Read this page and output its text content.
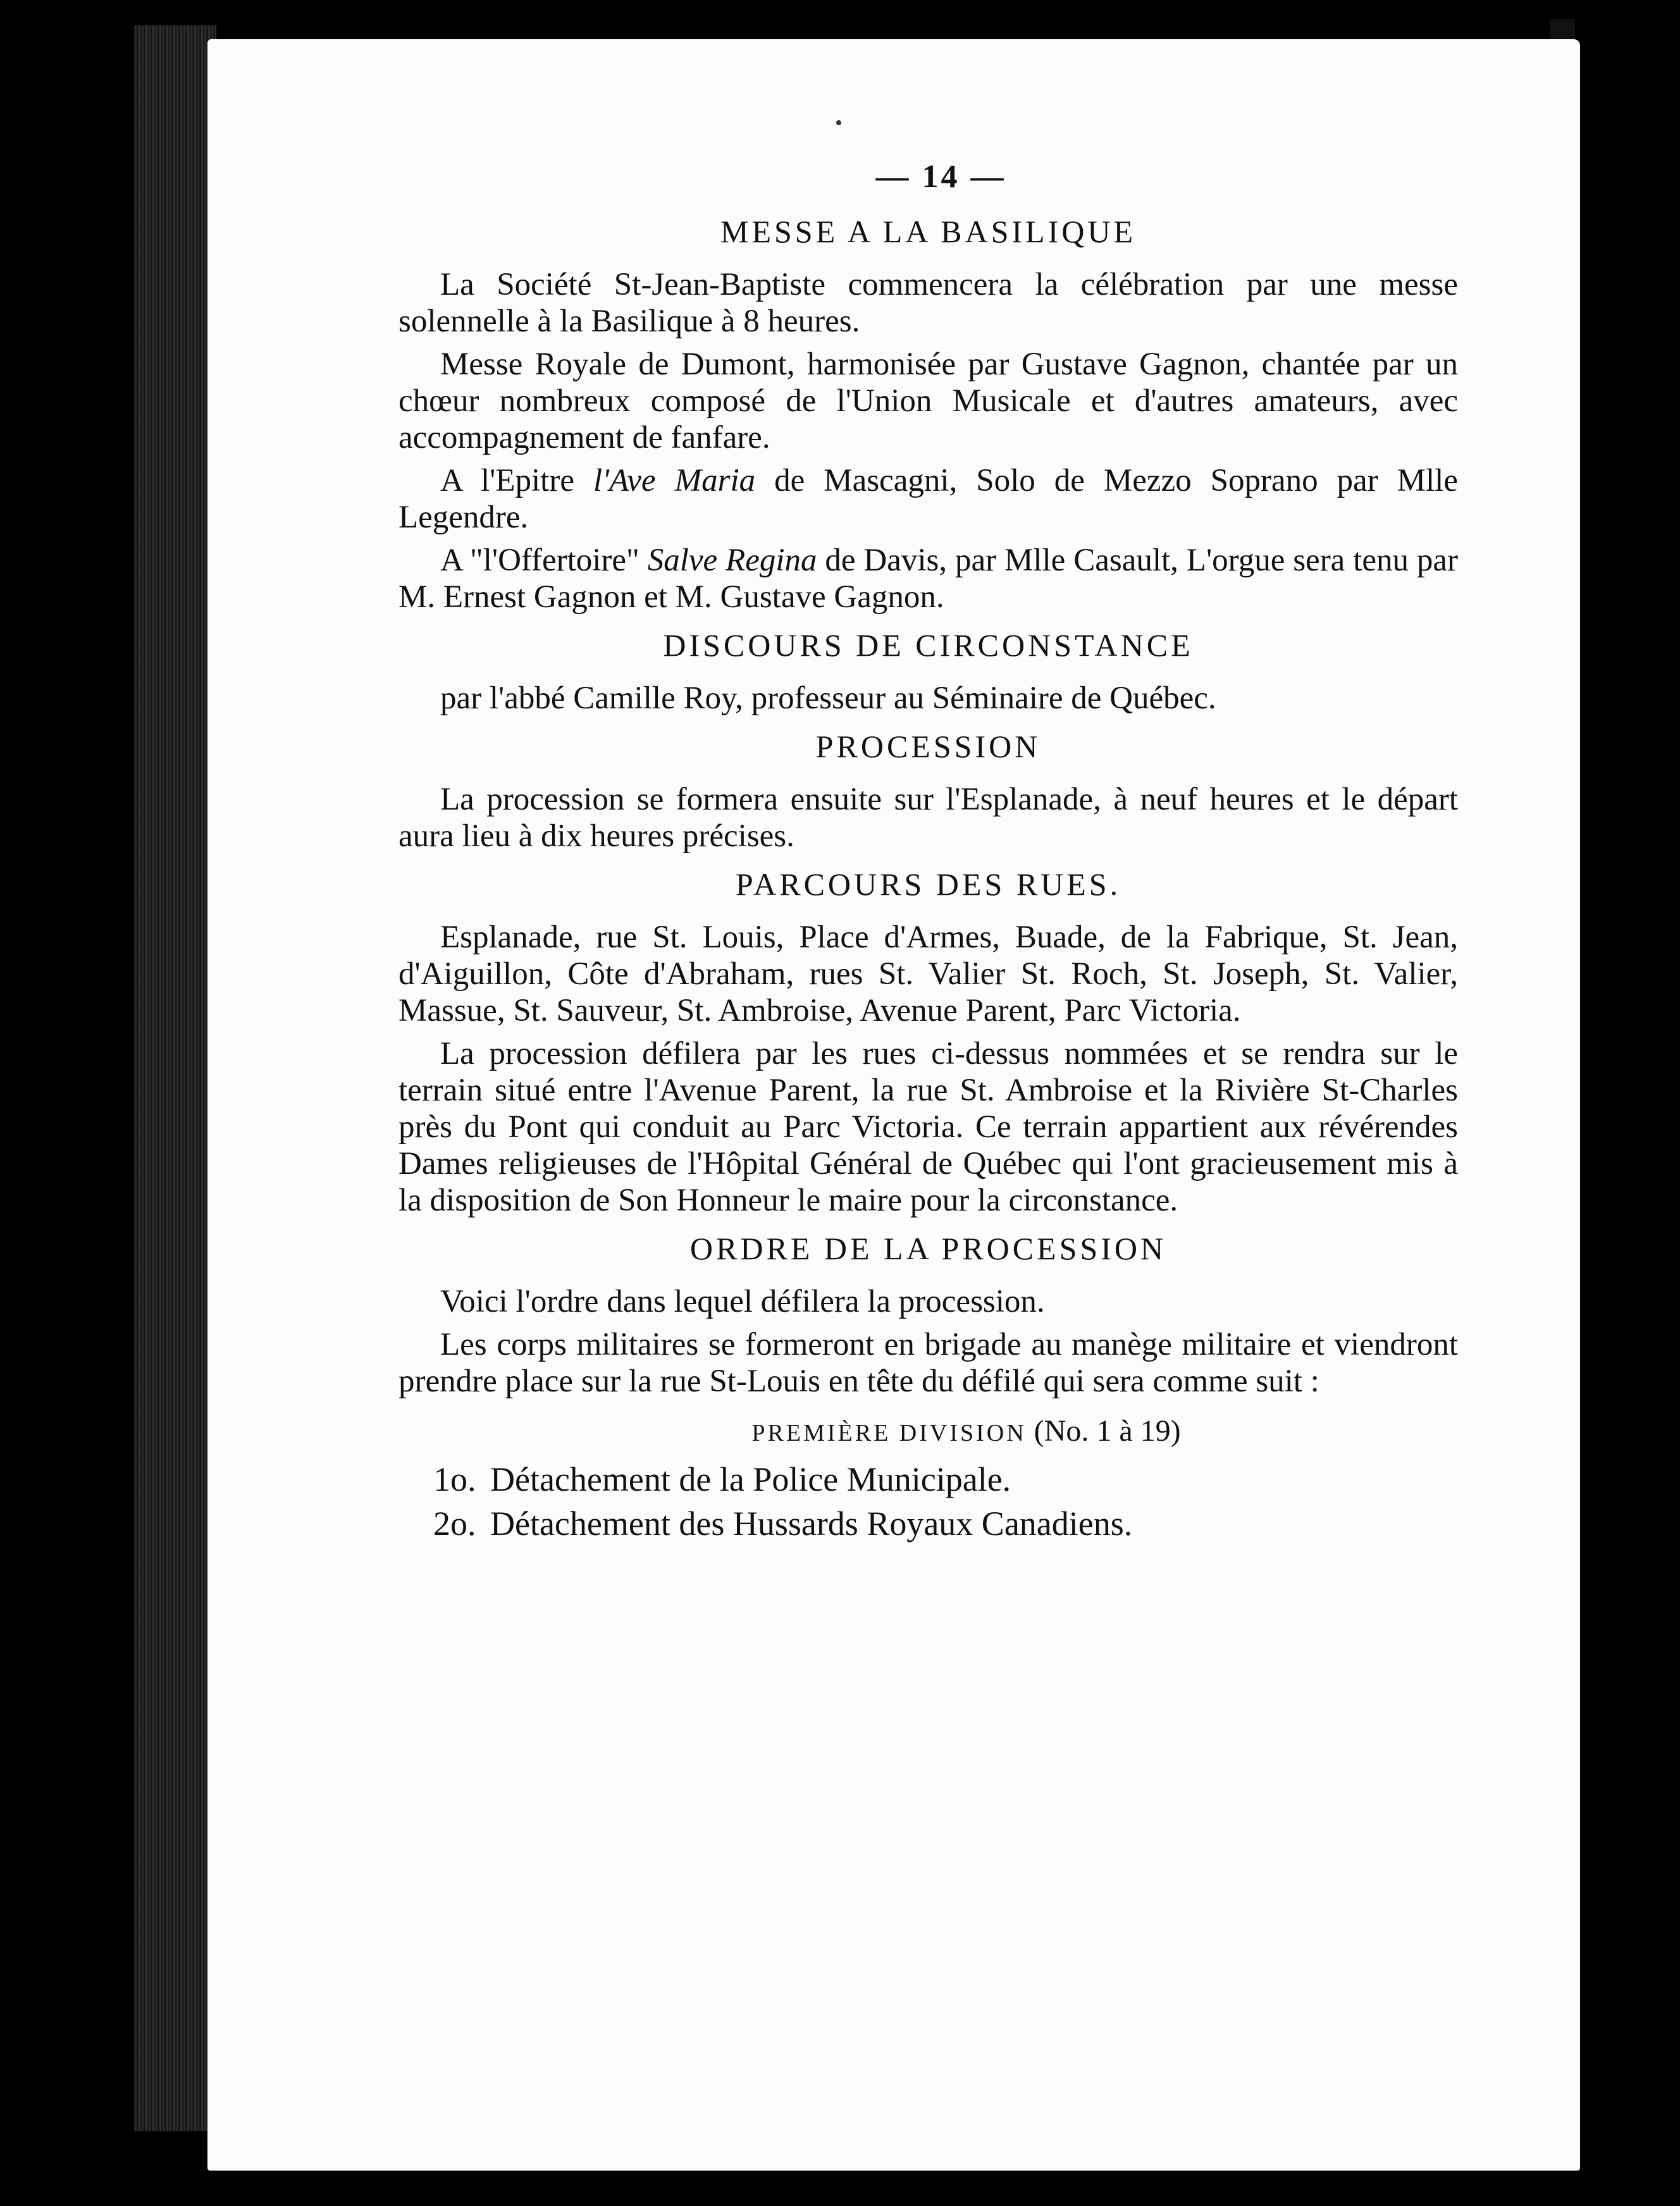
— 14 —
MESSE A LA BASILIQUE

La Société St-Jean-Baptiste commencera la célébration par une messe solennelle à la Basilique à 8 heures.

Messe Royale de Dumont, harmonisée par Gustave Gagnon, chantée par un chœur nombreux composé de l'Union Musicale et d'autres amateurs, avec accompagnement de fanfare.

A l'Epitre l'Ave Maria de Mascagni, Solo de Mezzo Soprano par Mlle Legendre.

A "l'Offertoire" Salve Regina de Davis, par Mlle Casault, L'orgue sera tenu par M. Ernest Gagnon et M. Gustave Gagnon.

DISCOURS DE CIRCONSTANCE

par l'abbé Camille Roy, professeur au Séminaire de Québec.

PROCESSION

La procession se formera ensuite sur l'Esplanade, à neuf heures et le départ aura lieu à dix heures précises.

PARCOURS DES RUES.

Esplanade, rue St. Louis, Place d'Armes, Buade, de la Fabrique, St. Jean, d'Aiguillon, Côte d'Abraham, rues St. Valier St. Roch, St. Joseph, St. Valier, Massue, St. Sauveur, St. Ambroise, Avenue Parent, Parc Victoria.

La procession défilera par les rues ci-dessus nommées et se rendra sur le terrain situé entre l'Avenue Parent, la rue St. Ambroise et la Rivière St-Charles près du Pont qui conduit au Parc Victoria. Ce terrain appartient aux révérendes Dames religieuses de l'Hôpital Général de Québec qui l'ont gracieusement mis à la disposition de Son Honneur le maire pour la circonstance.

ORDRE DE LA PROCESSION

Voici l'ordre dans lequel défilera la procession.

Les corps militaires se formeront en brigade au manège militaire et viendront prendre place sur la rue St-Louis en tête du défilé qui sera comme suit :

PREMIÈRE DIVISION (No. 1 à 19)
1o. Détachement de la Police Municipale.
2o. Détachement des Hussards Royaux Canadiens.
